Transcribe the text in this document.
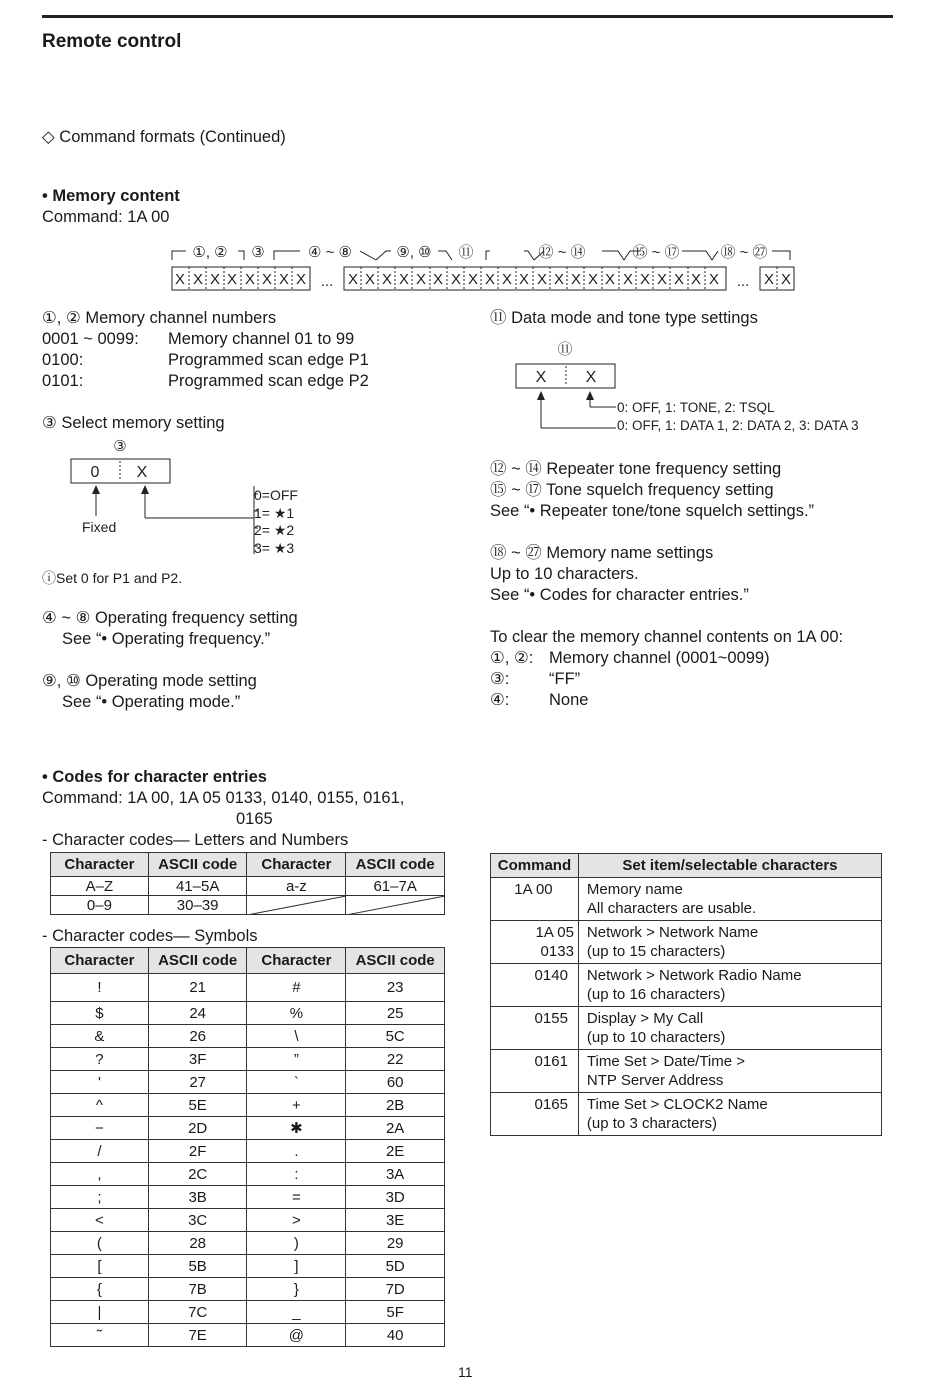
Remote control
◇ Command formats (Continued)
• Memory content
Command: 1A 00
①, ② ③	④ ~ ⑧	⑨, ⑩ ⑪	⑫ ~ ⑭	⑮ ~ ⑰	⑱ ~ ㉗
X X X X X X X X ... X X X X X X X X X X X X X X X X X X X X X X ... X X
①, ② Memory channel numbers
0001 ~ 0099: Memory channel 01 to 99
0100:	Programmed scan edge P1
0101:	Programmed scan edge P2
③ Select memory setting
③
0 X
Fixed
0=OFF
1= ★1
2= ★2
3= ★3
ⓘSet 0 for P1 and P2.
④ ~ ⑧ Operating frequency setting
See “• Operating frequency.”
⑨, ⑩ Operating mode setting
See “• Operating mode.”
⑪ Data mode and tone type settings
⑪
X X
0: OFF, 1: TONE, 2: TSQL
0: OFF, 1: DATA 1, 2: DATA 2, 3: DATA 3
⑫ ~ ⑭ Repeater tone frequency setting
⑮ ~ ⑰ Tone squelch frequency setting
See “• Repeater tone/tone squelch settings.”
⑱ ~ ㉗ Memory name settings
Up to 10 characters.
See “• Codes for character entries.”
To clear the memory channel contents on 1A 00:
①, ②: Memory channel (0001~0099)
③: “FF”
④: None
• Codes for character entries
Command: 1A 00, 1A 05 0133, 0140, 0155, 0161,
0165
- Character codes— Letters and Numbers
Character	ASCII code	Character	ASCII code
A–Z	41–5A	a-z	61–7A
0–9	30–39	

- Character codes— Symbols
Character	ASCII code	Character	ASCII code
!	21	#	23
$	24	%	25
&	26	\	5C
?	3F	”	22
'	27	`	60
^	5E	+	2B
−	2D	✱	2A
/	2F	.	2E
,	2C	:	3A
;	3B	=	3D
<	3C	>	3E
(	28	)	29
[	5B	]	5D
{	7B	}	7D
|	7C	_	5F
˜	7E	@	40
Command	Set item/selectable characters
1A 00	Memory name
All characters are usable.

1A 05 0133	Network > Network Name
(up to 15 characters)

0140	Network > Network Radio Name
(up to 16 characters)

0155	Display > My Call
(up to 10 characters)

0161	Time Set > Date/Time >
NTP Server Address

0165	Time Set > CLOCK2 Name
(up to 3 characters)
11
